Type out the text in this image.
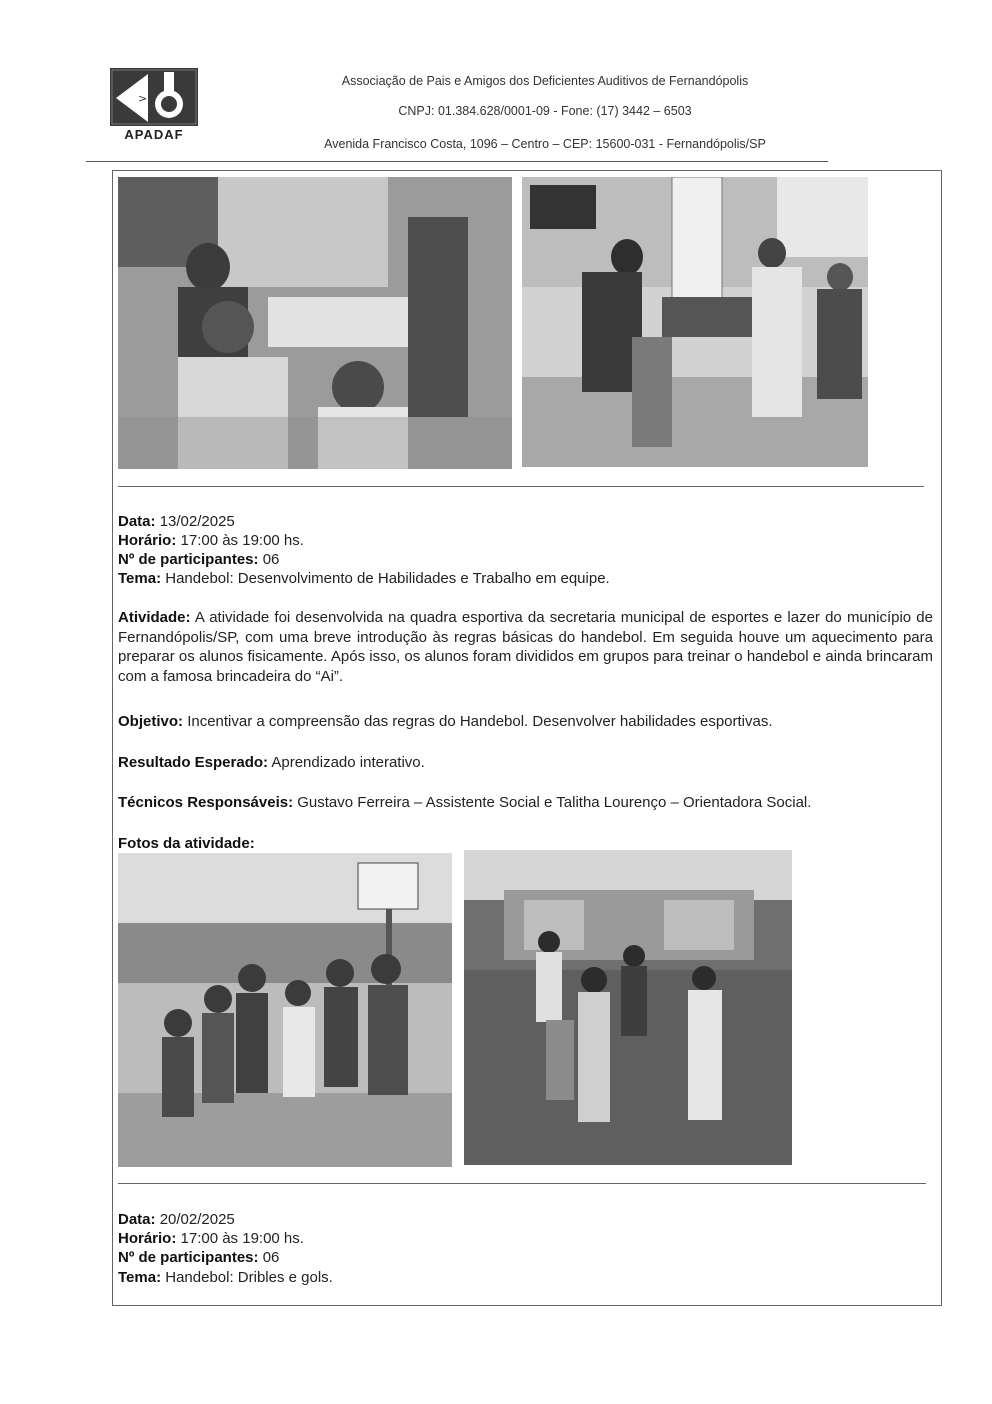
>
APADAF
Associação de Pais e Amigos dos Deficientes Auditivos de Fernandópolis
CNPJ: 01.384.628/0001-09 - Fone: (17) 3442 – 6503
Avenida Francisco Costa, 1096 – Centro – CEP: 15600-031 - Fernandópolis/SP
Data: 13/02/2025
Horário: 17:00 às 19:00 hs.
Nº de participantes: 06
Tema: Handebol: Desenvolvimento de Habilidades e Trabalho em equipe.
Atividade: A atividade foi desenvolvida na quadra esportiva da secretaria municipal de esportes e lazer do município de Fernandópolis/SP, com uma breve introdução às regras básicas do handebol. Em seguida houve um aquecimento para preparar os alunos fisicamente. Após isso, os alunos foram divididos em grupos para treinar o handebol e ainda brincaram com a famosa brincadeira do “Ai”.
Objetivo: Incentivar a compreensão das regras do Handebol. Desenvolver habilidades esportivas.
Resultado Esperado: Aprendizado interativo.
Técnicos Responsáveis: Gustavo Ferreira – Assistente Social e Talitha Lourenço – Orientadora Social.
Fotos da atividade:
Data: 20/02/2025
Horário: 17:00 às 19:00 hs.
Nº de participantes: 06
Tema: Handebol: Dribles e gols.
